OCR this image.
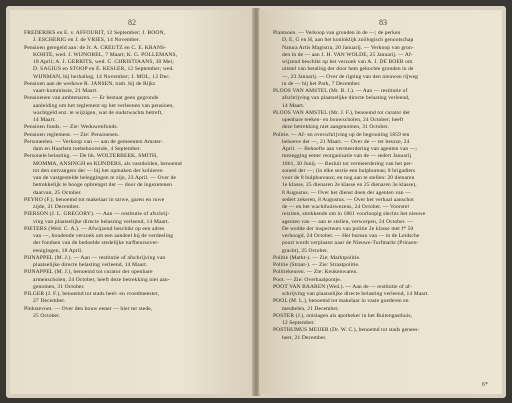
82
FREDERIKS en E. v. AFFOURIT, 12 September; J. BOON,
J. ESCHERIG en J. de VRIES, 14 November.
Pensioen geregeld aan: de Jr. A. CREUTZ en C. E. KRANS-
KOHTE, wed. J. WIJNOBEL, 7 Maart; K. G. POLLEMANS,
18 April; A. J. GERRITS, wed. C. CHRISTIAANS, 30 Mei;
D. SAGIUS en STOOP en E. KESLER, 12 September; wed.
WIJNMAN, bij herhaling, 14 November; J. MOL, 13 Dec.
Pensioen aan de weduwe R. JANSEN, tusb. bij de Rijks
vaart-kommissie, 21 Maart.
Pensioenen van ambtenaren. — Er bestaat geen gegronde
aanleiding om het reglement op het verleenen van pensioen,
wachtgeld enz. te wijzigen, wat de oudstwachts betreft,
14 Maart.
Pensioen fonds. — Zie: Weduwenfonds.
Pensioen reglement. — Zie: Pensioenen.
Personeelen. — Verkoop van — aan de gemeenten Amster-
dam en Haarlem toebehoorende, 4 September.
Personele belasting. — De hh. WOLTERBEEK, SMITH,
MOMMA, ANSINGH en KIJNDERS, als vastdolden, benoemd
tot den ontvangers der — bij het opmaken der kohieren
van de vastgestelde beleggingen te zijn, 23 April. — Over de
betrekkelijk te hooge opbrengst der — door de ingezetenen
daarvan, 25 October.
PEYRO (F.), benoemd tot makelaar in tarwe, garen en ruwe
zijde, 21 December.
PIERSON (J. L. GREGORY). — Aan — restitutie of afschrij-
ving van plaatselijke directe belasting verleend, 14 Maart.
PIETERS (Wed. C. A.). — Afwijzend beschikt op een adres
van —, houdende verzoek om een aandeel bij de verdeeling
der fondsen van de bedoelde stedelijke turfbeursover-
eenigingen, 18 April.
PIJNAPPEL (M. J.). — Aan — restitutie of afschrijving van
plaatselijke directe belasting verleend, 14 Maart.
PIJNAPPEL (M. J.), benoemd tot curator der openbare
armenscholen, 24 October, heeft deze betrekking niet aan-
genomen, 31 October.
PILGER (J. F.), benoemd tot stads heel- en vroedmeester,
27 December.
Pinkstevoet. — Over den bouw eener — hier ter stede,
25 October.
83
Plantsoen. — Verkoop van gronden in de —; de perken
D, E, G en H, aan het koninklijk zoölogisch genootschap
Natura Artis Magistra, 20 Januarij. — Verkoop van gron-
den in de — aan J. H. VAN WOLDE, 25 Januarij. — Af-
wijzend beschikt op het verzoek van A. J. DE BOER om
uitstel van betaling der door hem gekochte gronden in de
—, 23 Januarij. — Over de rigting van den nieuwen rijweg
in de — bij het Park, 7 December.
PLOOS VAN AMSTEL (Mr. B. J.). — Aan — restitutie of
afschrijving van plaatselijke directe belasting verleend,
14 Maart.
PLOOS VAN AMSTEL (Mr. J. F.), benoemd tot curator der
openbare teeken- en bouwscholen, 24 October; heeft
deze betrekking niet aangenomen, 31 October.
Politie. — Af- en overschrijving op de begrooting 1859 ten
behoeve der —, 21 Maart. — Over de — ter beurze, 24
April. — Behoefte aan vermeerdering van agenten van —;
toezegging eener reorganisatie van de — sedert Januarij
1861, 30 Junij. — Besluit tot vermeerdering van het per-
soneel der —; (in elke sectie een hulpbureau; 8 brigadiers
voor de 8 hulpbureaux; en nog aan te stellen: 20 dienaren
1e klasse, 25 dienaren 2e klasse en 25 dienaren 3e klasse),
8 Augustus. — Over het dienst doen der agenten van —
sedert zekeren, 8 Augustus. — Over het verhaal aanschot
de — en het wachthuiswezens, 24 October. — Voorstel
reiziten, strekkende om in 1861 voorloopig slechts het nieuwe
agenten van — aan te stellen, verworpen, 24 October. —
De wedde der inspecteurs van politie 2e klasse met f* 50
verhoogd, 24 October. — Het bureau van — in de Leidsche
poort wordt verplaatst naar de Nieuwe-Turfmarkt (Prinsen-
gracht), 25 October.
Politie (Markt-). — Zie: Marktpolitie.
Politie (Straat-). — Zie: Straatpolitie.
Politiekeuren. — Zie: Keukenwaren.
Poot. — Zie: Overhaalpontje.
POOT VAN BAAREN (Wed.). — Aan de — restitutie of af-
schrijving van plaatselijke directe belasting verleend, 14 Maart.
POOL (M. L.), benoemd tot makelaar in vaste goederen en
meubelen, 21 December.
POSTER (J.), ontslagen als apotheker in het Buitengasthuis,
12 September.
POSTHUMUS MEIJER (Dr. W. C.), benoemd tot stads genees-
heer, 21 December.
6*
